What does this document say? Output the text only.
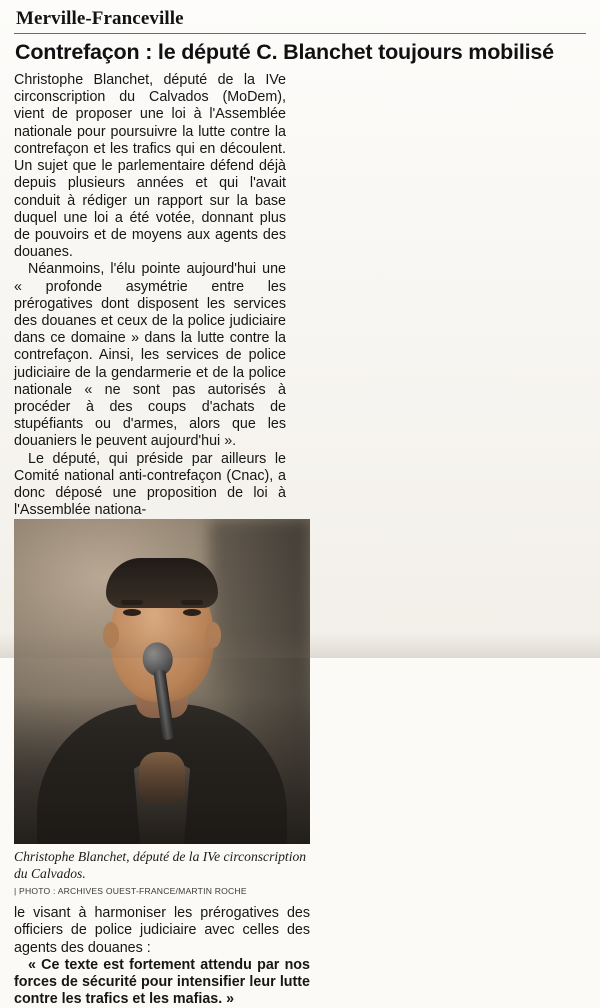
Merville-Franceville
Contrefaçon : le député C. Blanchet toujours mobilisé

Christophe Blanchet, député de la IVe circonscription du Calvados (MoDem), vient de proposer une loi à l'Assemblée nationale pour poursuivre la lutte contre la contrefaçon et les trafics qui en découlent. Un sujet que le parlementaire défend déjà depuis plusieurs années et qui l'avait conduit à rédiger un rapport sur la base duquel une loi a été votée, donnant plus de pouvoirs et de moyens aux agents des douanes.

Néanmoins, l'élu pointe aujourd'hui une « profonde asymétrie entre les prérogatives dont disposent les services des douanes et ceux de la police judiciaire dans ce domaine » dans la lutte contre la contrefaçon. Ainsi, les services de police judiciaire de la gendarmerie et de la police nationale « ne sont pas autorisés à procéder à des coups d'achats de stupéfiants ou d'armes, alors que les douaniers le peuvent aujourd'hui ».

Le député, qui préside par ailleurs le Comité national anti-contrefaçon (Cnac), a donc déposé une proposition de loi à l'Assemblée nationa-

Christophe Blanchet, député de la IVe circonscription du Calvados.

| PHOTO : ARCHIVES OUEST-FRANCE/MARTIN ROCHE

le visant à harmoniser les prérogatives des officiers de police judiciaire avec celles des agents des douanes :

« Ce texte est fortement attendu par nos forces de sécurité pour intensifier leur lutte contre les trafics et les mafias. »
